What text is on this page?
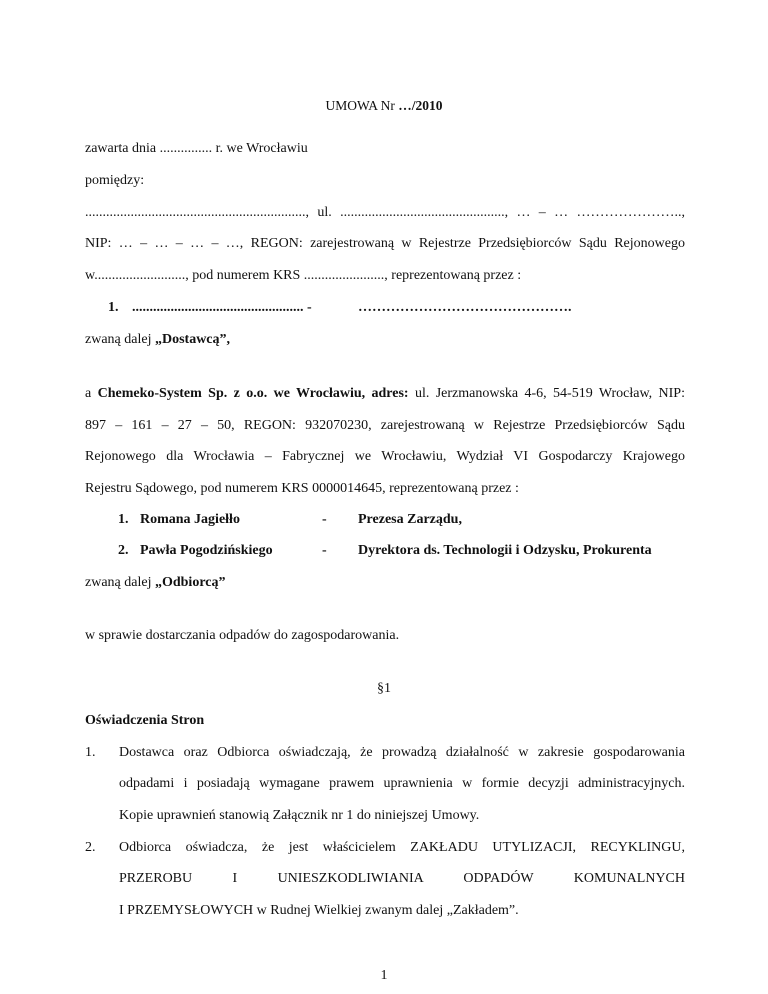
UMOWA Nr …/2010
zawarta dnia ............... r. we Wrocławiu
pomiędzy:
..............................................................., ul. ..............................................., … – … …………………..,
NIP: … – … – … – …, REGON: zarejestrowaną w Rejestrze Przedsiębiorców Sądu Rejonowego
w.........................., pod numerem KRS ......................., reprezentowaną przez :
1. ................................................. -	……………………………………….
zwaną dalej „Dostawcą”,
a Chemeko-System Sp. z o.o. we Wrocławiu, adres: ul. Jerzmanowska 4-6, 54-519 Wrocław, NIP:
897 – 161 – 27 – 50, REGON: 932070230, zarejestrowaną w Rejestrze Przedsiębiorców Sądu
Rejonowego dla Wrocławia – Fabrycznej we Wrocławiu, Wydział VI Gospodarczy Krajowego
Rejestru Sądowego, pod numerem KRS 0000014645, reprezentowaną przez :
1. Romana Jagiełło	- Prezesa Zarządu,
2. Pawła Pogodzińskiego	- Dyrektora ds. Technologii i Odzysku, Prokurenta
zwaną dalej „Odbiorcą”
w sprawie dostarczania odpadów do zagospodarowania.
§1
Oświadczenia Stron
1. Dostawca oraz Odbiorca oświadczają, że prowadzą działalność w zakresie gospodarowania
odpadami i posiadają wymagane prawem uprawnienia w formie decyzji administracyjnych.
Kopie uprawnień stanowią Załącznik nr 1 do niniejszej Umowy.
2. Odbiorca oświadcza, że jest właścicielem ZAKŁADU UTYLIZACJI, RECYKLINGU,
PRZEROBU I UNIESZKODLIWIANIA ODPADÓW KOMUNALNYCH
I PRZEMYSŁOWYCH w Rudnej Wielkiej zwanym dalej „Zakładem”.
1
